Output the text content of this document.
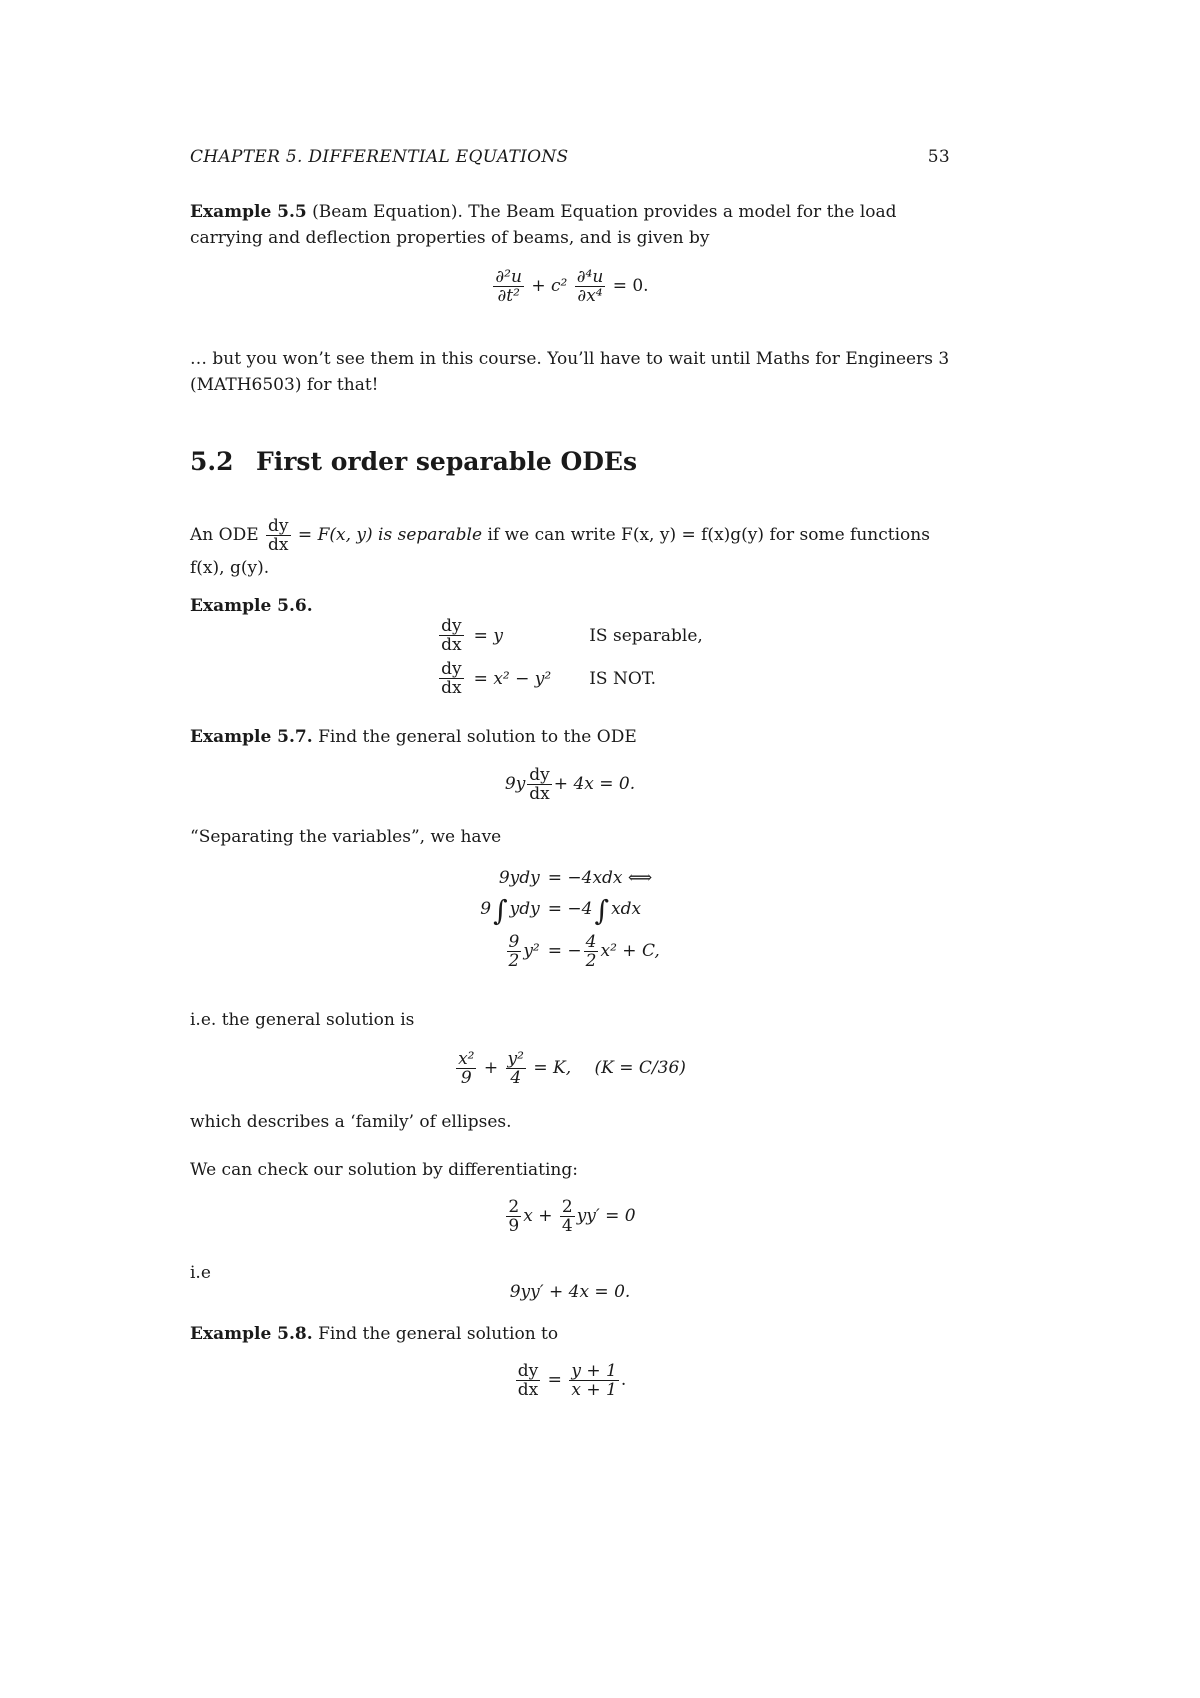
CHAPTER 5. DIFFERENTIAL EQUATIONS	53
Example 5.5 (Beam Equation). The Beam Equation provides a model for the load
carrying and deflection properties of beams, and is given by
$\frac{\text{∂²u}}{\text{∂t²}} + c^2 \frac{\text{∂⁴u}}{\text{∂x⁴}} = 0$.
… but you won’t see them in this course. You’ll have to wait until Maths for Engineers 3
(MATH6503) for that!
5.2 First order separable ODEs
An ODE $\frac{dy}{dx} = F(x$, y) is separable if we can write F(x, y) = f(x)g(y) for some functions
f(x), g(y).
Example 5.6.
$\frac{dy}{dx}$	= y	IS separable,

$\frac{dy}{dx}$	= x² − y²	IS NOT.
Example 5.7. Find the general solution to the ODE
$9y \frac{dy}{dx} + 4x = 0$.
“Separating the variables”, we have
9ydy	= −4xdx ⟺
9∫ ydy	= −4∫ xdx

$\frac{9}{2} y^2$	= − $\frac{4}{2} x^2 + C$,
i.e. the general solution is
$\frac{\text{x²}}{9} + \frac{\text{y²}}{4} = K$, (K = C/36)
which describes a ‘family’ of ellipses.
We can check our solution by differentiating:
$\frac{2}{9}$ $x + \frac{2}{4} yy' = 0$
i.e
9yy′ + 4x = 0.
Example 5.8. Find the general solution to
$\frac{dy}{dx} = \frac{y + 1}{x + 1}$ .
